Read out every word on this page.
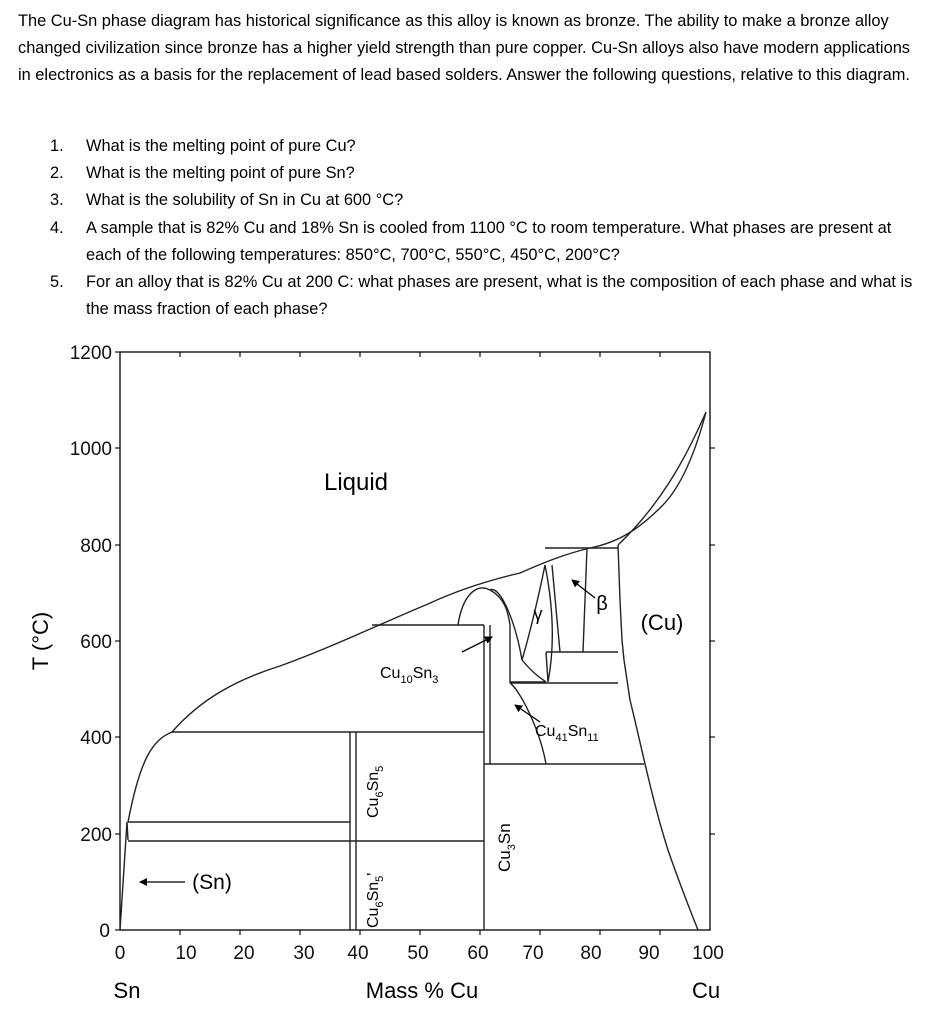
The Cu-Sn phase diagram has historical significance as this alloy is known as bronze. The ability to make a bronze alloy changed civilization since bronze has a higher yield strength than pure copper. Cu-Sn alloys also have modern applications in electronics as a basis for the replacement of lead based solders. Answer the following questions, relative to this diagram.
1. What is the melting point of pure Cu?
2. What is the melting point of pure Sn?
3. What is the solubility of Sn in Cu at 600 °C?
4. A sample that is 82% Cu and 18% Sn is cooled from 1100 °C to room temperature. What phases are present at each of the following temperatures: 850°C, 700°C, 550°C, 450°C, 200°C?
5. For an alloy that is 82% Cu at 200 C: what phases are present, what is the composition of each phase and what is the mass fraction of each phase?
0
200
400
600
800
1000
1200
0	10 20 30 40 50 60 70 80 90 100
Sn	Cu
Mass % Cu
T (°C)
Liquid
(Cu)
(Sn)
γ	β
$Cu_{10}Sn_3$
$Cu_{41}Sn_{11}$
$Cu_6Sn_5$
$Cu_6Sn_5'$
$Cu_3Sn$
